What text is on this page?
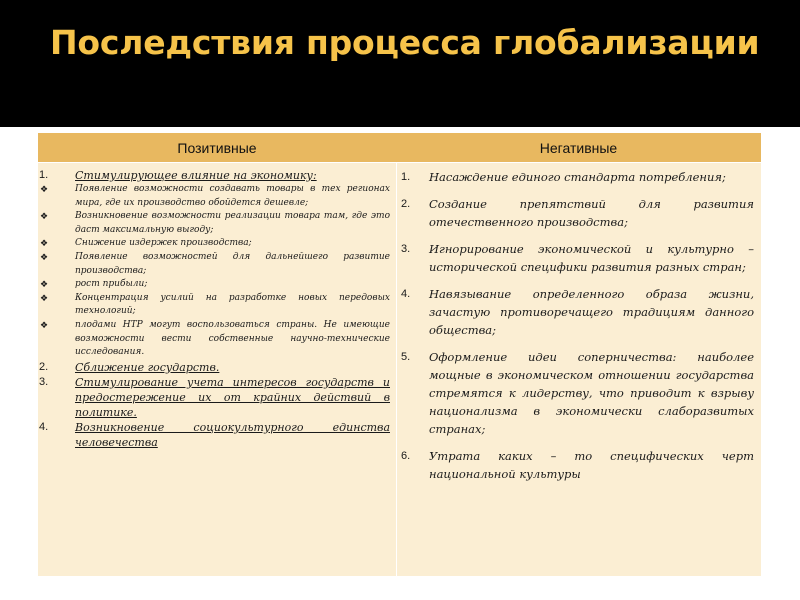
Последствия процесса глобализации
Позитивные	Негативные
1. Стимулирующее влияние на экономику:
❖	Появление возможности создавать товары в тех регионах мира, где их производство обойдется дешевле;
❖	Возникновение возможности реализации товара там, где это даст максимальную выгоду;
❖	Снижение издержек производства;
❖	Появление возможностей для дальнейшего развитие производства;
❖	рост прибыли;
❖	Концентрация усилий на разработке новых передовых технологий;
❖	плодами НТР могут воспользоваться страны. Не имеющие возможности вести собственные научно-технические исследования.
2. Сближение государств.
3. Стимулирование учета интересов государств и предостережение их от крайних действий в политике.
4. Возникновение социокультурного единства человечества
1. Насаждение единого стандарта потребления;
2. Создание препятствий для развития отечественного производства;
3. Игнорирование экономической и культурно – исторической специфики развития разных стран;
4. Навязывание определенного образа жизни, зачастую противоречащего традициям данного общества;
5. Оформление идеи соперничества: наиболее мощные в экономическом отношении государства стремятся к лидерству, что приводит к взрыву национализма в экономически слаборазвитых странах;
6. Утрата каких – то специфических черт национальной культуры
